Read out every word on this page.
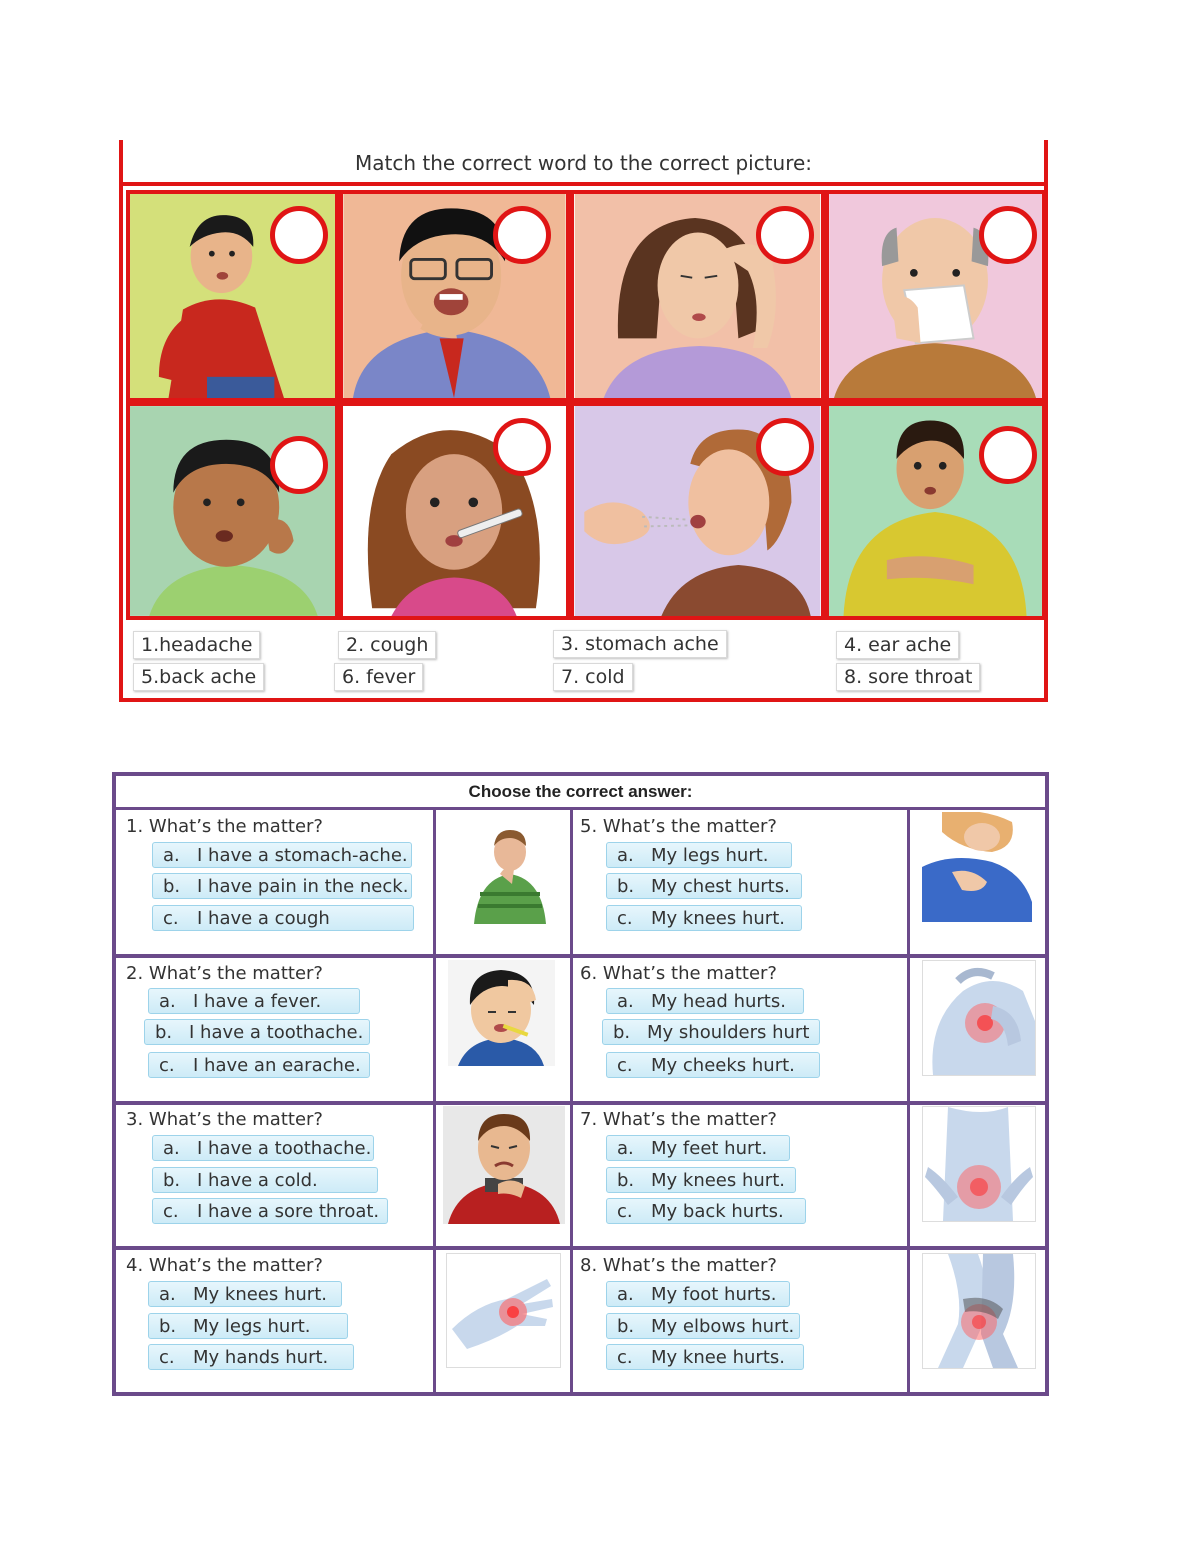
Match the correct word to the correct picture:
1.headache	2. cough	3. stomach ache	4. ear ache
5.back ache	6. fever	7. cold	8. sore throat
Choose the correct answer:
1. What’s the matter?
a. I have a stomach-ache.
b. I have pain in the neck.
c. I have a cough
2. What’s the matter?
a. I have a fever.
b. I have a toothache.
c. I have an earache.
3. What’s the matter?
a. I have a toothache.
b. I have a cold.
c. I have a sore throat.
4. What’s the matter?
a. My knees hurt.
b. My legs hurt.
c. My hands hurt.
5. What’s the matter?
a. My legs hurt.
b. My chest hurts.
c. My knees hurt.
6. What’s the matter?
a. My head hurts.
b. My shoulders hurt
c. My cheeks hurt.
7. What’s the matter?
a. My feet hurt.
b. My knees hurt.
c. My back hurts.
8. What’s the matter?
a. My foot hurts.
b. My elbows hurt.
c. My knee hurts.
